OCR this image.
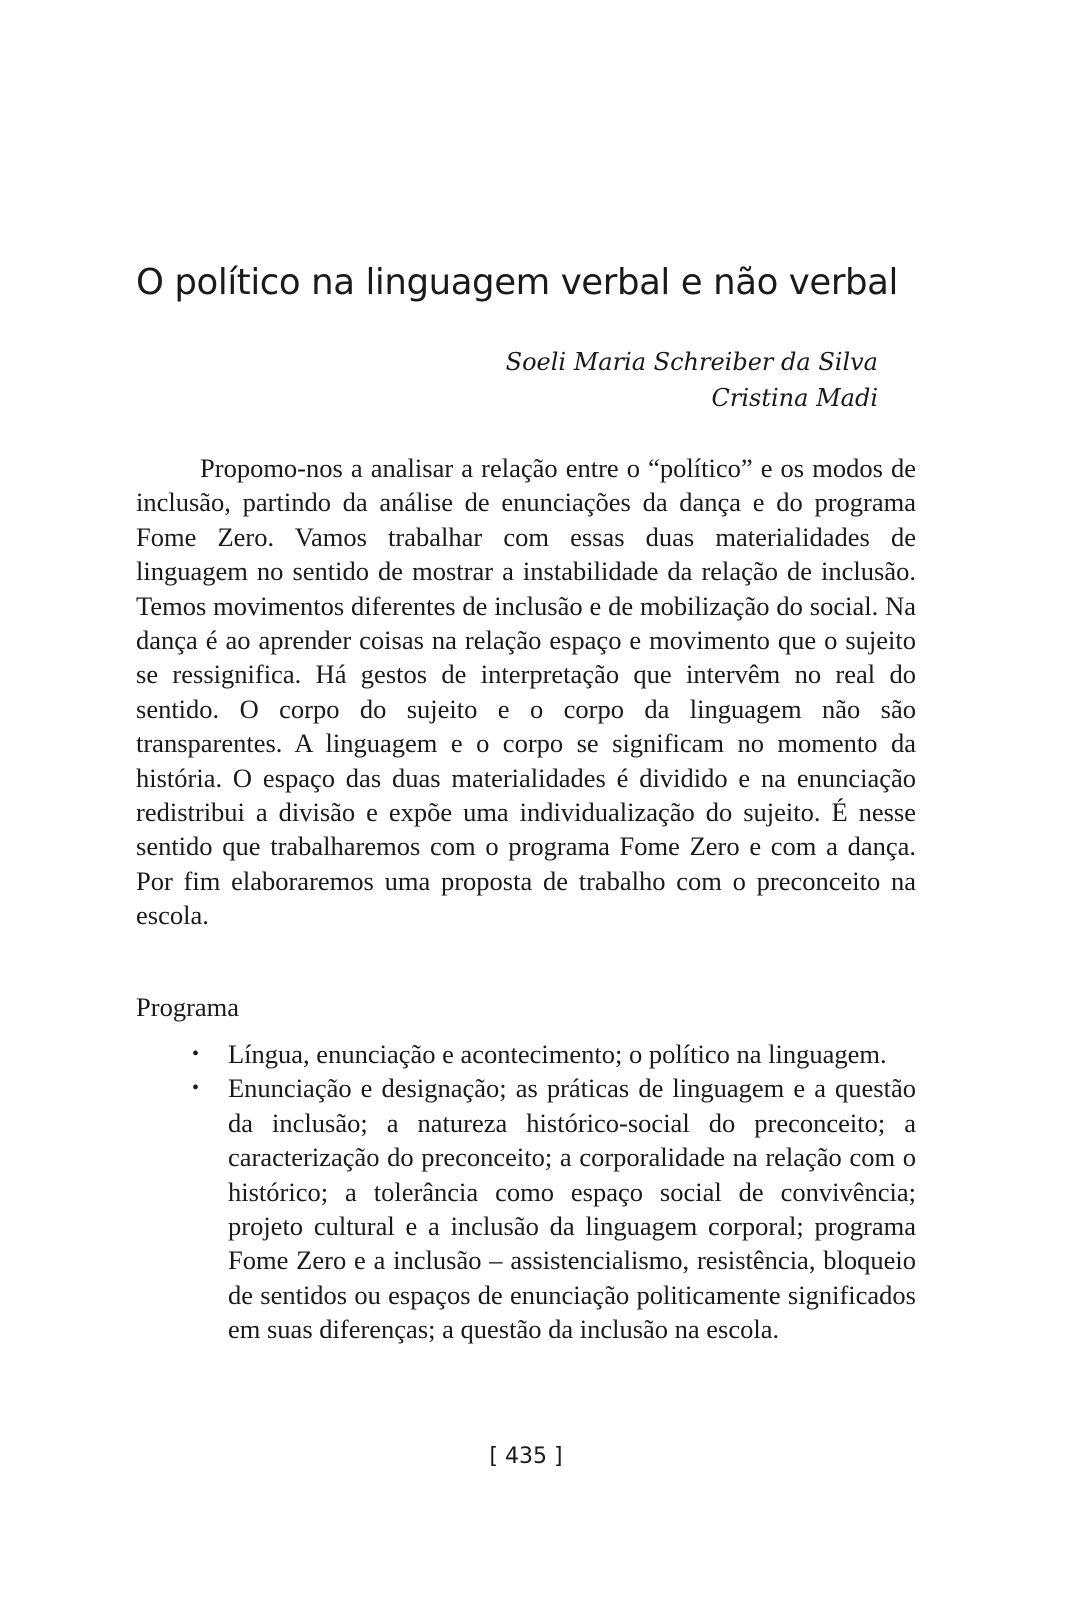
O político na linguagem verbal e não verbal
Soeli Maria Schreiber da Silva
Cristina Madi

Propomo-nos a analisar a relação entre o “político” e os modos de inclusão, partindo da análise de enunciações da dança e do programa Fome Zero. Vamos trabalhar com essas duas materialidades de linguagem no sentido de mostrar a instabilidade da relação de inclusão. Temos movimentos diferentes de inclusão e de mobilização do social. Na dança é ao aprender coisas na relação espaço e movimento que o sujeito se ressignifica. Há gestos de interpretação que intervêm no real do sentido. O corpo do sujeito e o corpo da linguagem não são transparentes. A linguagem e o corpo se significam no momento da história. O espaço das duas materialidades é dividido e na enunciação redistribui a divisão e expõe uma individualização do sujeito. É nesse sentido que trabalharemos com o programa Fome Zero e com a dança. Por fim elaboraremos uma proposta de trabalho com o preconceito na escola.

Programa
• Língua, enunciação e acontecimento; o político na linguagem.
• Enunciação e designação; as práticas de linguagem e a questão da inclusão; a natureza histórico-social do preconceito; a caracterização do preconceito; a corporalidade na relação com o histórico; a tolerância como espaço social de convivência; projeto cultural e a inclusão da linguagem corporal; programa Fome Zero e a inclusão – assistencialismo, resistência, bloqueio de sentidos ou espaços de enunciação politicamente significados em suas diferenças; a questão da inclusão na escola.
[ 435 ]
